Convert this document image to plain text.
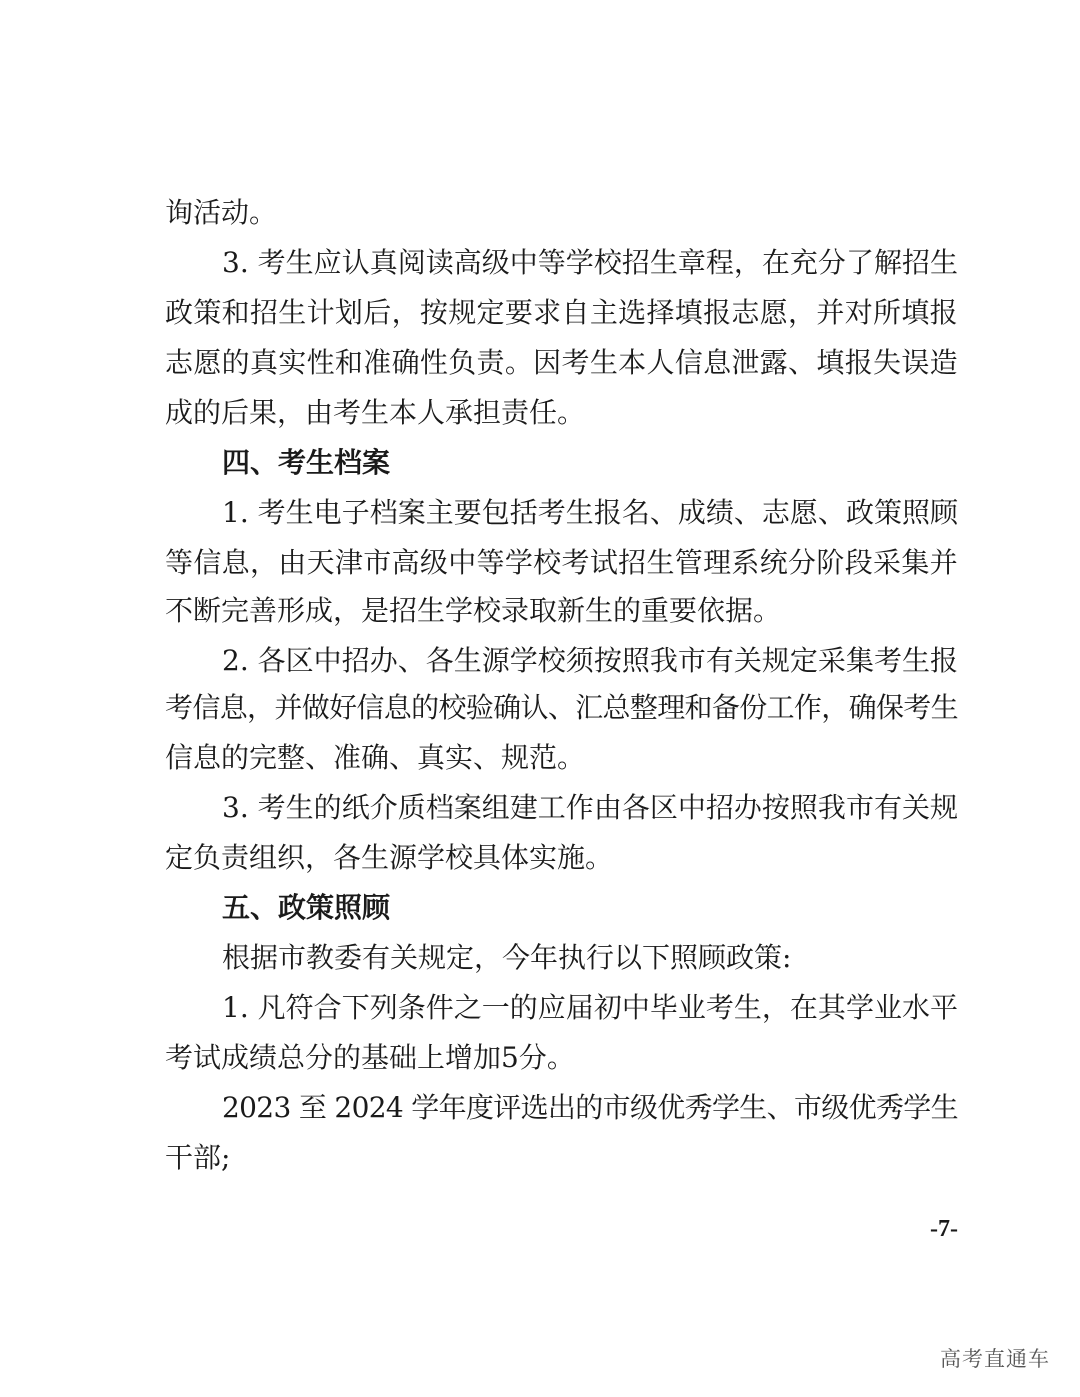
询活动。
3. 考生应认真阅读高级中等学校招生章程，在充分了解招生
政策和招生计划后，按规定要求自主选择填报志愿，并对所填报
志愿的真实性和准确性负责。因考生本人信息泄露、填报失误造
成的后果，由考生本人承担责任。
四、考生档案
1. 考生电子档案主要包括考生报名、成绩、志愿、政策照顾
等信息，由天津市高级中等学校考试招生管理系统分阶段采集并
不断完善形成，是招生学校录取新生的重要依据。
2. 各区中招办、各生源学校须按照我市有关规定采集考生报
考信息，并做好信息的校验确认、汇总整理和备份工作，确保考生
信息的完整、准确、真实、规范。
3. 考生的纸介质档案组建工作由各区中招办按照我市有关规
定负责组织，各生源学校具体实施。
五、政策照顾
根据市教委有关规定，今年执行以下照顾政策:
1. 凡符合下列条件之一的应届初中毕业考生，在其学业水平
考试成绩总分的基础上增加5分。
2023 至 2024 学年度评选出的市级优秀学生、市级优秀学生
干部;
-7-
高考直通车
